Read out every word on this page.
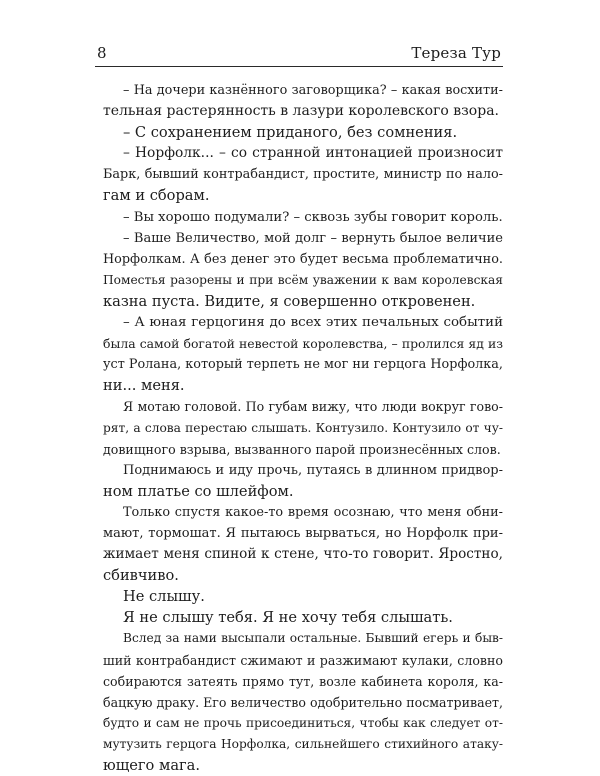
8	Тереза Тур
– На дочери казнённого заговорщика? – какая восхити-
тельная растерянность в лазури королевского взора.
– С сохранением приданого, без сомнения.
– Норфолк... – со странной интонацией произносит
Барк, бывший контрабандист, простите, министр по нало-
гам и сборам.
– Вы хорошо подумали? – сквозь зубы говорит король.
– Ваше Величество, мой долг – вернуть былое величие
Норфолкам. А без денег это будет весьма проблематично.
Поместья разорены и при всём уважении к вам королевская
казна пуста. Видите, я совершенно откровенен.
– А юная герцогиня до всех этих печальных событий
была самой богатой невестой королевства, – пролился яд из
уст Ролана, который терпеть не мог ни герцога Норфолка,
ни... меня.
Я мотаю головой. По губам вижу, что люди вокруг гово-
рят, а слова перестаю слышать. Контузило. Контузило от чу-
довищного взрыва, вызванного парой произнесённых слов.
Поднимаюсь и иду прочь, путаясь в длинном придвор-
ном платье со шлейфом.
Только спустя какое-то время осознаю, что меня обни-
мают, тормошат. Я пытаюсь вырваться, но Норфолк при-
жимает меня спиной к стене, что-то говорит. Яростно,
сбивчиво.
Не слышу.
Я не слышу тебя. Я не хочу тебя слышать.
Вслед за нами высыпали остальные. Бывший егерь и быв-
ший контрабандист сжимают и разжимают кулаки, словно
собираются затеять прямо тут, возле кабинета короля, ка-
бацкую драку. Его величество одобрительно посматривает,
будто и сам не прочь присоединиться, чтобы как следует от-
мутузить герцога Норфолка, сильнейшего стихийного атаку-
ющего мага.
